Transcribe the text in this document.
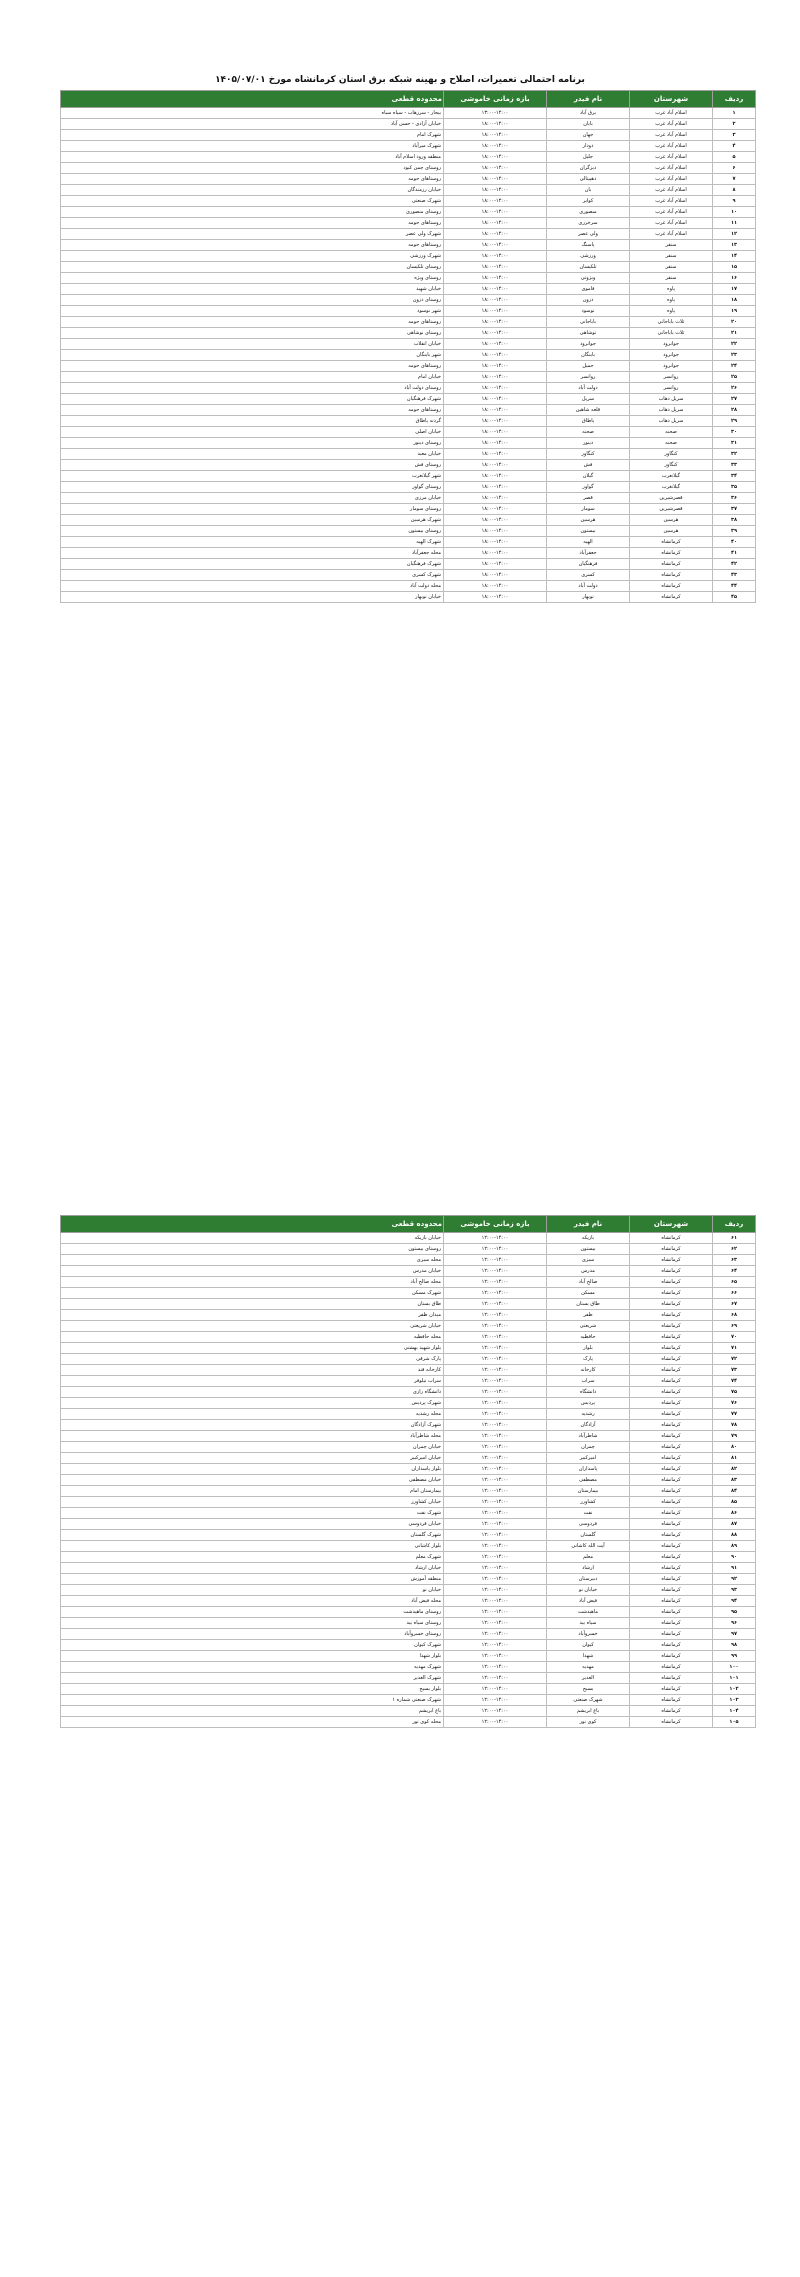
برنامه احتمالی تعمیرات، اصلاح و بهینه شبکه برق استان کرمانشاه مورخ ۱۴۰۵/۰۷/۰۱
ردیف	شهرستان	نام فیدر	بازه زمانی خاموشی	محدوده قطعی
۱	اسلام آباد غرب	برق آباد	۱۳:۰۰-۱۴:۰۰	بیجار - سرزهاب - سیاه سیاه
۲	اسلام آباد غرب	بابان	۱۸:۰۰-۱۴:۰۰	خیابان آزادی - حسن آباد
۳	اسلام آباد غرب	جهان	۱۸:۰۰-۱۴:۰۰	شهرک امام
۴	اسلام آباد غرب	دودار	۱۸:۰۰-۱۴:۰۰	شهرک میرآباد
۵	اسلام آباد غرب	جلیل	۱۸:۰۰-۱۴:۰۰	منطقه ورود اسلام آباد
۶	اسلام آباد غرب	دیزگران	۱۸:۰۰-۱۴:۰۰	روستای چمن کبود
۷	اسلام آباد غرب	دهپیتالی	۱۸:۰۰-۱۴:۰۰	روستاهای حومه
۸	اسلام آباد غرب	بان	۱۸:۰۰-۱۴:۰۰	خیابان رزمندگان
۹	اسلام آباد غرب	کوایر	۱۸:۰۰-۱۴:۰۰	شهرک صنعتی
۱۰	اسلام آباد غرب	منصوری	۱۸:۰۰-۱۴:۰۰	روستای منصوری
۱۱	اسلام آباد غرب	سرخرزی	۱۸:۰۰-۱۴:۰۰	روستاهای حومه
۱۲	اسلام آباد غرب	ولی عصر	۱۸:۰۰-۱۴:۰۰	شهرک ولی عصر
۱۳	سنقر	پاسنگ	۱۸:۰۰-۱۴:۰۰	روستاهای حومه
۱۴	سنقر	ورزشی	۱۸:۰۰-۱۴:۰۰	شهرک ورزشی
۱۵	سنقر	تلکیسان	۱۸:۰۰-۱۴:۰۰	روستای تلکیسان
۱۶	سنقر	ویژوتی	۱۸:۰۰-۱۴:۰۰	روستای ویژه
۱۷	پاوه	فاموی	۱۸:۰۰-۱۴:۰۰	خیابان شهید
۱۸	پاوه	دزون	۱۸:۰۰-۱۴:۰۰	روستای دزون
۱۹	پاوه	نوسود	۱۸:۰۰-۱۴:۰۰	شهر نوسود
۲۰	ثلاث باباجانی	باباجانی	۱۸:۰۰-۱۴:۰۰	روستاهای حومه
۲۱	ثلاث باباجانی	نوشاهی	۱۸:۰۰-۱۴:۰۰	روستای نوشاهی
۲۲	جوانرود	جوانرود	۱۸:۰۰-۱۴:۰۰	خیابان انقلاب
۲۳	جوانرود	باینگان	۱۸:۰۰-۱۴:۰۰	شهر باینگان
۲۴	جوانرود	حمیل	۱۸:۰۰-۱۴:۰۰	روستاهای حومه
۲۵	روانسر	روانسر	۱۸:۰۰-۱۴:۰۰	خیابان امام
۲۶	روانسر	دولت آباد	۱۸:۰۰-۱۴:۰۰	روستای دولت آباد
۲۷	سرپل ذهاب	سرپل	۱۸:۰۰-۱۴:۰۰	شهرک فرهنگیان
۲۸	سرپل ذهاب	قلعه شاهین	۱۸:۰۰-۱۴:۰۰	روستاهای حومه
۲۹	سرپل ذهاب	پاطاق	۱۸:۰۰-۱۴:۰۰	گردنه پاطاق
۳۰	صحنه	صحنه	۱۸:۰۰-۱۴:۰۰	خیابان اصلی
۳۱	صحنه	دینور	۱۸:۰۰-۱۴:۰۰	روستای دینور
۳۲	کنگاور	کنگاور	۱۸:۰۰-۱۴:۰۰	خیابان معبد
۳۳	کنگاور	فش	۱۸:۰۰-۱۴:۰۰	روستای فش
۳۴	گیلانغرب	گیلان	۱۸:۰۰-۱۴:۰۰	شهر گیلانغرب
۳۵	گیلانغرب	گواور	۱۸:۰۰-۱۴:۰۰	روستای گواور
۳۶	قصرشیرین	قصر	۱۸:۰۰-۱۴:۰۰	خیابان مرزی
۳۷	قصرشیرین	سومار	۱۸:۰۰-۱۴:۰۰	روستای سومار
۳۸	هرسین	هرسین	۱۸:۰۰-۱۴:۰۰	شهرک هرسین
۳۹	هرسین	بیستون	۱۸:۰۰-۱۴:۰۰	روستای بیستون
۴۰	کرمانشاه	الهیه	۱۸:۰۰-۱۴:۰۰	شهرک الهیه
۴۱	کرمانشاه	جعفرآباد	۱۸:۰۰-۱۴:۰۰	محله جعفرآباد
۴۲	کرمانشاه	فرهنگیان	۱۸:۰۰-۱۴:۰۰	شهرک فرهنگیان
۴۳	کرمانشاه	کسری	۱۸:۰۰-۱۴:۰۰	شهرک کسری
۴۴	کرمانشاه	دولت آباد	۱۸:۰۰-۱۴:۰۰	محله دولت آباد
۴۵	کرمانشاه	نوبهار	۱۸:۰۰-۱۴:۰۰	خیابان نوبهار
ردیف	شهرستان	نام فیدر	بازه زمانی خاموشی	محدوده قطعی
۶۱	کرمانشاه	بازیکه	۱۲:۰۰-۱۴:۰۰	خیابان بازیکه
۶۲	کرمانشاه	بیستون	۱۲:۰۰-۱۴:۰۰	روستای بیستون
۶۳	کرمانشاه	سبزی	۱۲:۰۰-۱۴:۰۰	محله سبزی
۶۴	کرمانشاه	مدرس	۱۲:۰۰-۱۴:۰۰	خیابان مدرس
۶۵	کرمانشاه	صالح آباد	۱۲:۰۰-۱۴:۰۰	محله صالح آباد
۶۶	کرمانشاه	مسکن	۱۲:۰۰-۱۴:۰۰	شهرک مسکن
۶۷	کرمانشاه	طاق بستان	۱۲:۰۰-۱۴:۰۰	طاق بستان
۶۸	کرمانشاه	ظفر	۱۲:۰۰-۱۴:۰۰	میدان ظفر
۶۹	کرمانشاه	شریعتی	۱۲:۰۰-۱۴:۰۰	خیابان شریعتی
۷۰	کرمانشاه	حافظیه	۱۲:۰۰-۱۴:۰۰	محله حافظیه
۷۱	کرمانشاه	بلوار	۱۲:۰۰-۱۴:۰۰	بلوار شهید بهشتی
۷۲	کرمانشاه	پارک	۱۲:۰۰-۱۴:۰۰	پارک شرقی
۷۳	کرمانشاه	کارخانه	۱۲:۰۰-۱۴:۰۰	کارخانه قند
۷۴	کرمانشاه	سراب	۱۲:۰۰-۱۴:۰۰	سراب نیلوفر
۷۵	کرمانشاه	دانشگاه	۱۲:۰۰-۱۴:۰۰	دانشگاه رازی
۷۶	کرمانشاه	پردیس	۱۲:۰۰-۱۴:۰۰	شهرک پردیس
۷۷	کرمانشاه	رشدیه	۱۲:۰۰-۱۴:۰۰	محله رشدیه
۷۸	کرمانشاه	آزادگان	۱۲:۰۰-۱۴:۰۰	شهرک آزادگان
۷۹	کرمانشاه	شاطرآباد	۱۲:۰۰-۱۴:۰۰	محله شاطرآباد
۸۰	کرمانشاه	چمران	۱۲:۰۰-۱۴:۰۰	خیابان چمران
۸۱	کرمانشاه	امیرکبیر	۱۲:۰۰-۱۴:۰۰	خیابان امیرکبیر
۸۲	کرمانشاه	پاسداران	۱۲:۰۰-۱۴:۰۰	بلوار پاسداران
۸۳	کرمانشاه	مصطفی	۱۲:۰۰-۱۴:۰۰	خیابان مصطفی
۸۴	کرمانشاه	بیمارستان	۱۲:۰۰-۱۴:۰۰	بیمارستان امام
۸۵	کرمانشاه	کشاورز	۱۲:۰۰-۱۴:۰۰	خیابان کشاورز
۸۶	کرمانشاه	نفت	۱۲:۰۰-۱۴:۰۰	شهرک نفت
۸۷	کرمانشاه	فردوسی	۱۲:۰۰-۱۴:۰۰	خیابان فردوسی
۸۸	کرمانشاه	گلستان	۱۲:۰۰-۱۴:۰۰	شهرک گلستان
۸۹	کرمانشاه	آیت الله کاشانی	۱۲:۰۰-۱۴:۰۰	بلوار کاشانی
۹۰	کرمانشاه	معلم	۱۲:۰۰-۱۴:۰۰	شهرک معلم
۹۱	کرمانشاه	ارشاد	۱۲:۰۰-۱۴:۰۰	خیابان ارشاد
۹۲	کرمانشاه	دبیرستان	۱۲:۰۰-۱۴:۰۰	منطقه آموزش
۹۳	کرمانشاه	خیابان نو	۱۲:۰۰-۱۴:۰۰	خیابان نو
۹۴	کرمانشاه	فیض آباد	۱۲:۰۰-۱۴:۰۰	محله فیض آباد
۹۵	کرمانشاه	ماهیدشت	۱۲:۰۰-۱۴:۰۰	روستای ماهیدشت
۹۶	کرمانشاه	سیاه بید	۱۲:۰۰-۱۴:۰۰	روستای سیاه بید
۹۷	کرمانشاه	خسروآباد	۱۲:۰۰-۱۴:۰۰	روستای خسروآباد
۹۸	کرمانشاه	کیوان	۱۲:۰۰-۱۴:۰۰	شهرک کیوان
۹۹	کرمانشاه	شهدا	۱۲:۰۰-۱۴:۰۰	بلوار شهدا
۱۰۰	کرمانشاه	مهدیه	۱۲:۰۰-۱۴:۰۰	شهرک مهدیه
۱۰۱	کرمانشاه	الغدیر	۱۲:۰۰-۱۴:۰۰	شهرک الغدیر
۱۰۲	کرمانشاه	بسیج	۱۲:۰۰-۱۴:۰۰	بلوار بسیج
۱۰۳	کرمانشاه	شهرک صنعتی	۱۲:۰۰-۱۴:۰۰	شهرک صنعتی شماره ۱
۱۰۴	کرمانشاه	باغ ابریشم	۱۲:۰۰-۱۴:۰۰	باغ ابریشم
۱۰۵	کرمانشاه	کوی نور	۱۲:۰۰-۱۴:۰۰	محله کوی نور
